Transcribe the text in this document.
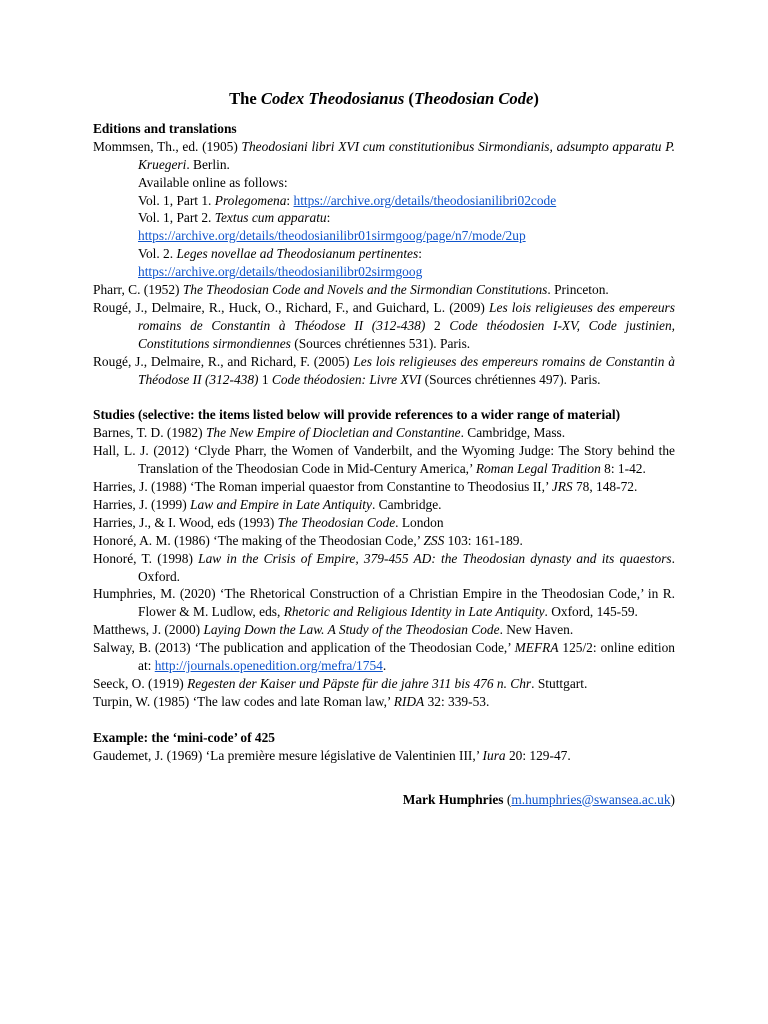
The Codex Theodosianus (Theodosian Code)

Editions and translations

Mommsen, Th., ed. (1905) Theodosiani libri XVI cum constitutionibus Sirmondianis, adsumpto apparatu P. Kruegeri. Berlin.

Available online as follows:

Vol. 1, Part 1. Prolegomena: https://archive.org/details/theodosianilibri02code

Vol. 1, Part 2. Textus cum apparatu:
https://archive.org/details/theodosianilibr01sirmgoog/page/n7/mode/2up

Vol. 2. Leges novellae ad Theodosianum pertinentes:
https://archive.org/details/theodosianilibr02sirmgoog

Pharr, C. (1952) The Theodosian Code and Novels and the Sirmondian Constitutions. Princeton.

Rougé, J., Delmaire, R., Huck, O., Richard, F., and Guichard, L. (2009) Les lois religieuses des empereurs romains de Constantin à Théodose II (312-438) 2 Code théodosien I-XV, Code justinien, Constitutions sirmondiennes (Sources chrétiennes 531). Paris.

Rougé, J., Delmaire, R., and Richard, F. (2005) Les lois religieuses des empereurs romains de Constantin à Théodose II (312-438) 1 Code théodosien: Livre XVI (Sources chrétiennes 497). Paris.

Studies (selective: the items listed below will provide references to a wider range of material)

Barnes, T. D. (1982) The New Empire of Diocletian and Constantine. Cambridge, Mass.

Hall, L. J. (2012) ‘Clyde Pharr, the Women of Vanderbilt, and the Wyoming Judge: The Story behind the Translation of the Theodosian Code in Mid-Century America,’ Roman Legal Tradition 8: 1-42.

Harries, J. (1988) ‘The Roman imperial quaestor from Constantine to Theodosius II,’ JRS 78, 148-72.

Harries, J. (1999) Law and Empire in Late Antiquity. Cambridge.

Harries, J., & I. Wood, eds (1993) The Theodosian Code. London

Honoré, A. M. (1986) ‘The making of the Theodosian Code,’ ZSS 103: 161-189.

Honoré, T. (1998) Law in the Crisis of Empire, 379-455 AD: the Theodosian dynasty and its quaestors. Oxford.

Humphries, M. (2020) ‘The Rhetorical Construction of a Christian Empire in the Theodosian Code,’ in R. Flower & M. Ludlow, eds, Rhetoric and Religious Identity in Late Antiquity. Oxford, 145-59.

Matthews, J. (2000) Laying Down the Law. A Study of the Theodosian Code. New Haven.

Salway, B. (2013) ‘The publication and application of the Theodosian Code,’ MEFRA 125/2: online edition at: http://journals.openedition.org/mefra/1754.

Seeck, O. (1919) Regesten der Kaiser und Päpste für die jahre 311 bis 476 n. Chr. Stuttgart.

Turpin, W. (1985) ‘The law codes and late Roman law,’ RIDA 32: 339-53.

Example: the ‘mini-code’ of 425

Gaudemet, J. (1969) ‘La première mesure législative de Valentinien III,’ Iura 20: 129-47.

Mark Humphries (m.humphries@swansea.ac.uk)
